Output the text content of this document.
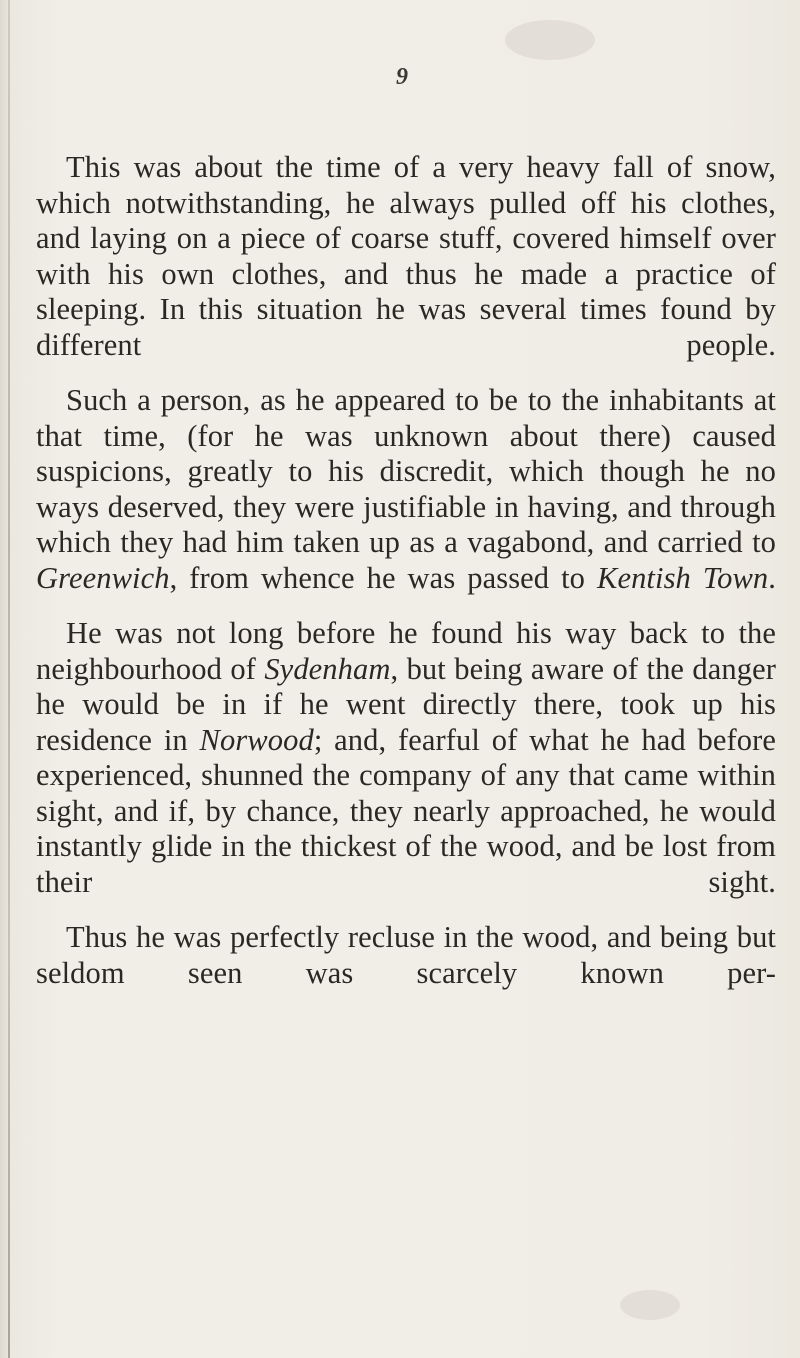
9

This was about the time of a very heavy fall of snow, which notwithstanding, he always pulled off his clothes, and laying on a piece of coarse stuff, covered himself over with his own clothes, and thus he made a practice of sleeping. In this situation he was several times found by different people.

Such a person, as he appeared to be to the inhabitants at that time, (for he was unknown about there) caused suspicions, greatly to his discredit, which though he no ways deserved, they were justifiable in having, and through which they had him taken up as a vagabond, and carried to Greenwich, from whence he was passed to Kentish Town.

He was not long before he found his way back to the neighbourhood of Sydenham, but being aware of the danger he would be in if he went directly there, took up his residence in Norwood; and, fearful of what he had before experienced, shunned the company of any that came within sight, and if, by chance, they nearly approached, he would instantly glide in the thickest of the wood, and be lost from their sight.

Thus he was perfectly recluse in the wood, and being but seldom seen was scarcely known per-
